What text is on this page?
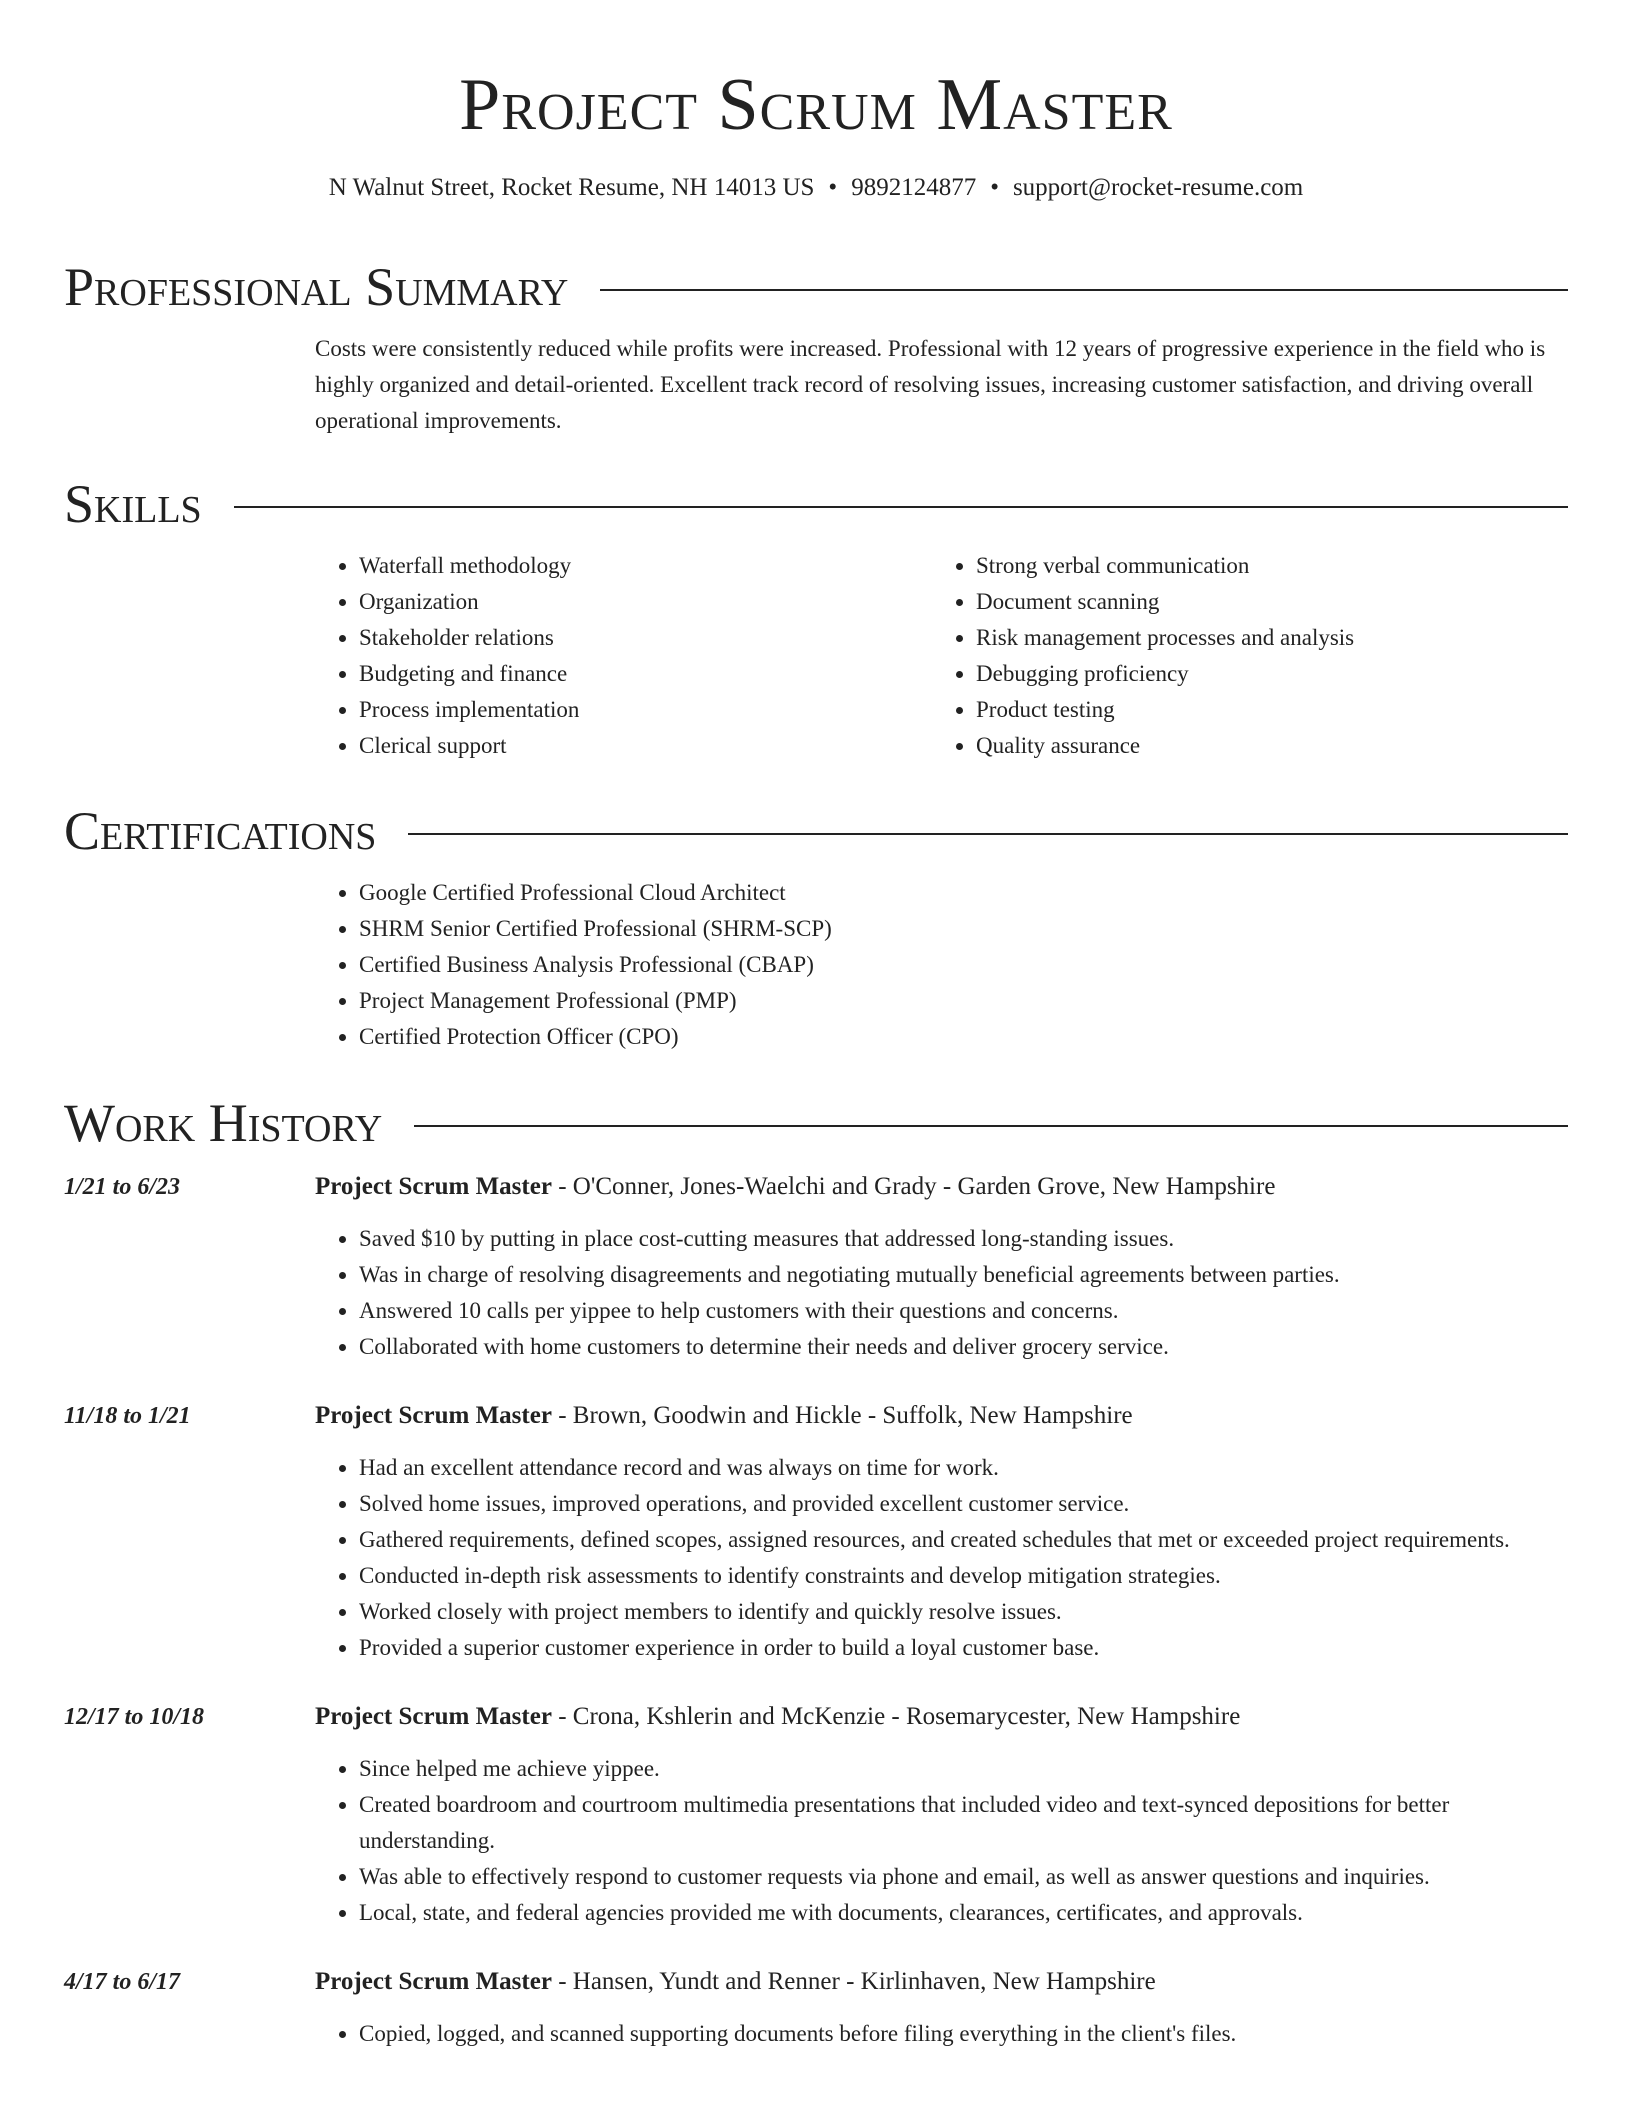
Project Scrum Master
N Walnut Street, Rocket Resume, NH 14013 US • 9892124877 • support@rocket-resume.com
Professional Summary

Costs were consistently reduced while profits were increased. Professional with 12 years of progressive experience in the field who is highly organized and detail-oriented. Excellent track record of resolving issues, increasing customer satisfaction, and driving overall operational improvements.

Skills
• Waterfall methodology
• Organization
• Stakeholder relations
• Budgeting and finance
• Process implementation
• Clerical support
• Strong verbal communication
• Document scanning
• Risk management processes and analysis
• Debugging proficiency
• Product testing
• Quality assurance
Certifications
• Google Certified Professional Cloud Architect
• SHRM Senior Certified Professional (SHRM-SCP)
• Certified Business Analysis Professional (CBAP)
• Project Management Professional (PMP)
• Certified Protection Officer (CPO)
Work History
1/21 to 6/23	Project Scrum Master - O'Conner, Jones-Waelchi and Grady - Garden Grove, New Hampshire
• Saved $10 by putting in place cost-cutting measures that addressed long-standing issues.
• Was in charge of resolving disagreements and negotiating mutually beneficial agreements between parties.
• Answered 10 calls per yippee to help customers with their questions and concerns.
• Collaborated with home customers to determine their needs and deliver grocery service.
11/18 to 1/21	Project Scrum Master - Brown, Goodwin and Hickle - Suffolk, New Hampshire
• Had an excellent attendance record and was always on time for work.
• Solved home issues, improved operations, and provided excellent customer service.
• Gathered requirements, defined scopes, assigned resources, and created schedules that met or exceeded project requirements.
• Conducted in-depth risk assessments to identify constraints and develop mitigation strategies.
• Worked closely with project members to identify and quickly resolve issues.
• Provided a superior customer experience in order to build a loyal customer base.
12/17 to 10/18	Project Scrum Master - Crona, Kshlerin and McKenzie - Rosemarycester, New Hampshire
• Since helped me achieve yippee.
• Created boardroom and courtroom multimedia presentations that included video and text-synced depositions for better understanding.
• Was able to effectively respond to customer requests via phone and email, as well as answer questions and inquiries.
• Local, state, and federal agencies provided me with documents, clearances, certificates, and approvals.
4/17 to 6/17	Project Scrum Master - Hansen, Yundt and Renner - Kirlinhaven, New Hampshire
• Copied, logged, and scanned supporting documents before filing everything in the client's files.
